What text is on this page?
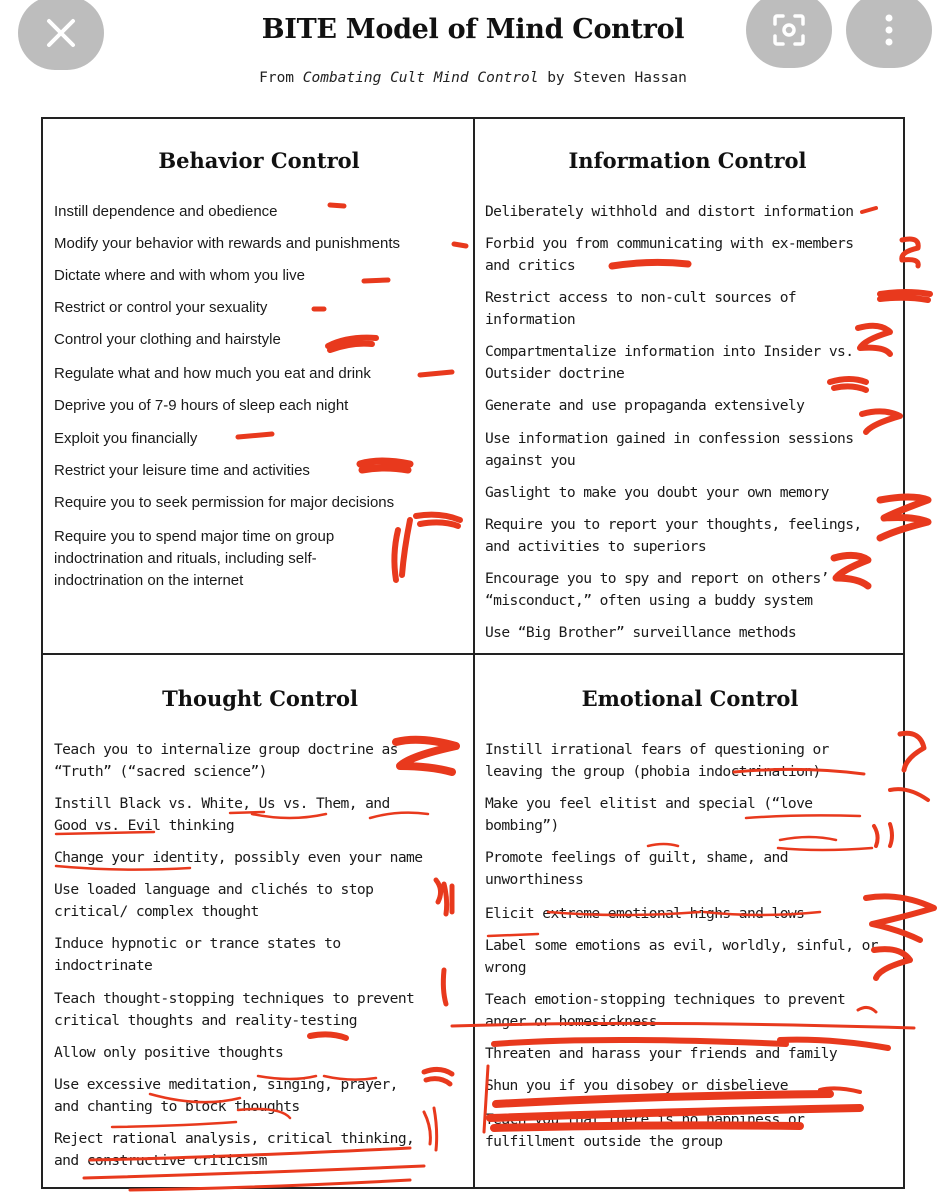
BITE Model of Mind Control
From Combating Cult Mind Control by Steven Hassan
Behavior Control
Instill dependence and obedience
Modify your behavior with rewards and punishments
Dictate where and with whom you live
Restrict or control your sexuality
Control your clothing and hairstyle
Regulate what and how much you eat and drink
Deprive you of 7-9 hours of sleep each night
Exploit you financially
Restrict your leisure time and activities
Require you to seek permission for major decisions
Require you to spend major time on group indoctrination and rituals, including self-indoctrination on the internet
Information Control
Deliberately withhold and distort information
Forbid you from communicating with ex-members and critics
Restrict access to non-cult sources of information
Compartmentalize information into Insider vs. Outsider doctrine
Generate and use propaganda extensively
Use information gained in confession sessions against you
Gaslight to make you doubt your own memory
Require you to report your thoughts, feelings, and activities to superiors
Encourage you to spy and report on others’ “misconduct,” often using a buddy system
Use “Big Brother” surveillance methods
Thought Control
Teach you to internalize group doctrine as “Truth” (“sacred science”)
Instill Black vs. White, Us vs. Them, and Good vs. Evil thinking
Change your identity, possibly even your name
Use loaded language and clichés to stop critical/ complex thought
Induce hypnotic or trance states to indoctrinate
Teach thought-stopping techniques to prevent critical thoughts and reality-testing
Allow only positive thoughts
Use excessive meditation, singing, prayer, and chanting to block thoughts
Reject rational analysis, critical thinking, and constructive criticism
Emotional Control
Instill irrational fears of questioning or leaving the group (phobia indoctrination)
Make you feel elitist and special (“love bombing”)
Promote feelings of guilt, shame, and unworthiness
Elicit extreme emotional highs and lows
Label some emotions as evil, worldly, sinful, or wrong
Teach emotion-stopping techniques to prevent anger or homesickness
Threaten and harass your friends and family
Shun you if you disobey or disbelieve
Teach you that there is no happiness or fulfillment outside the group
